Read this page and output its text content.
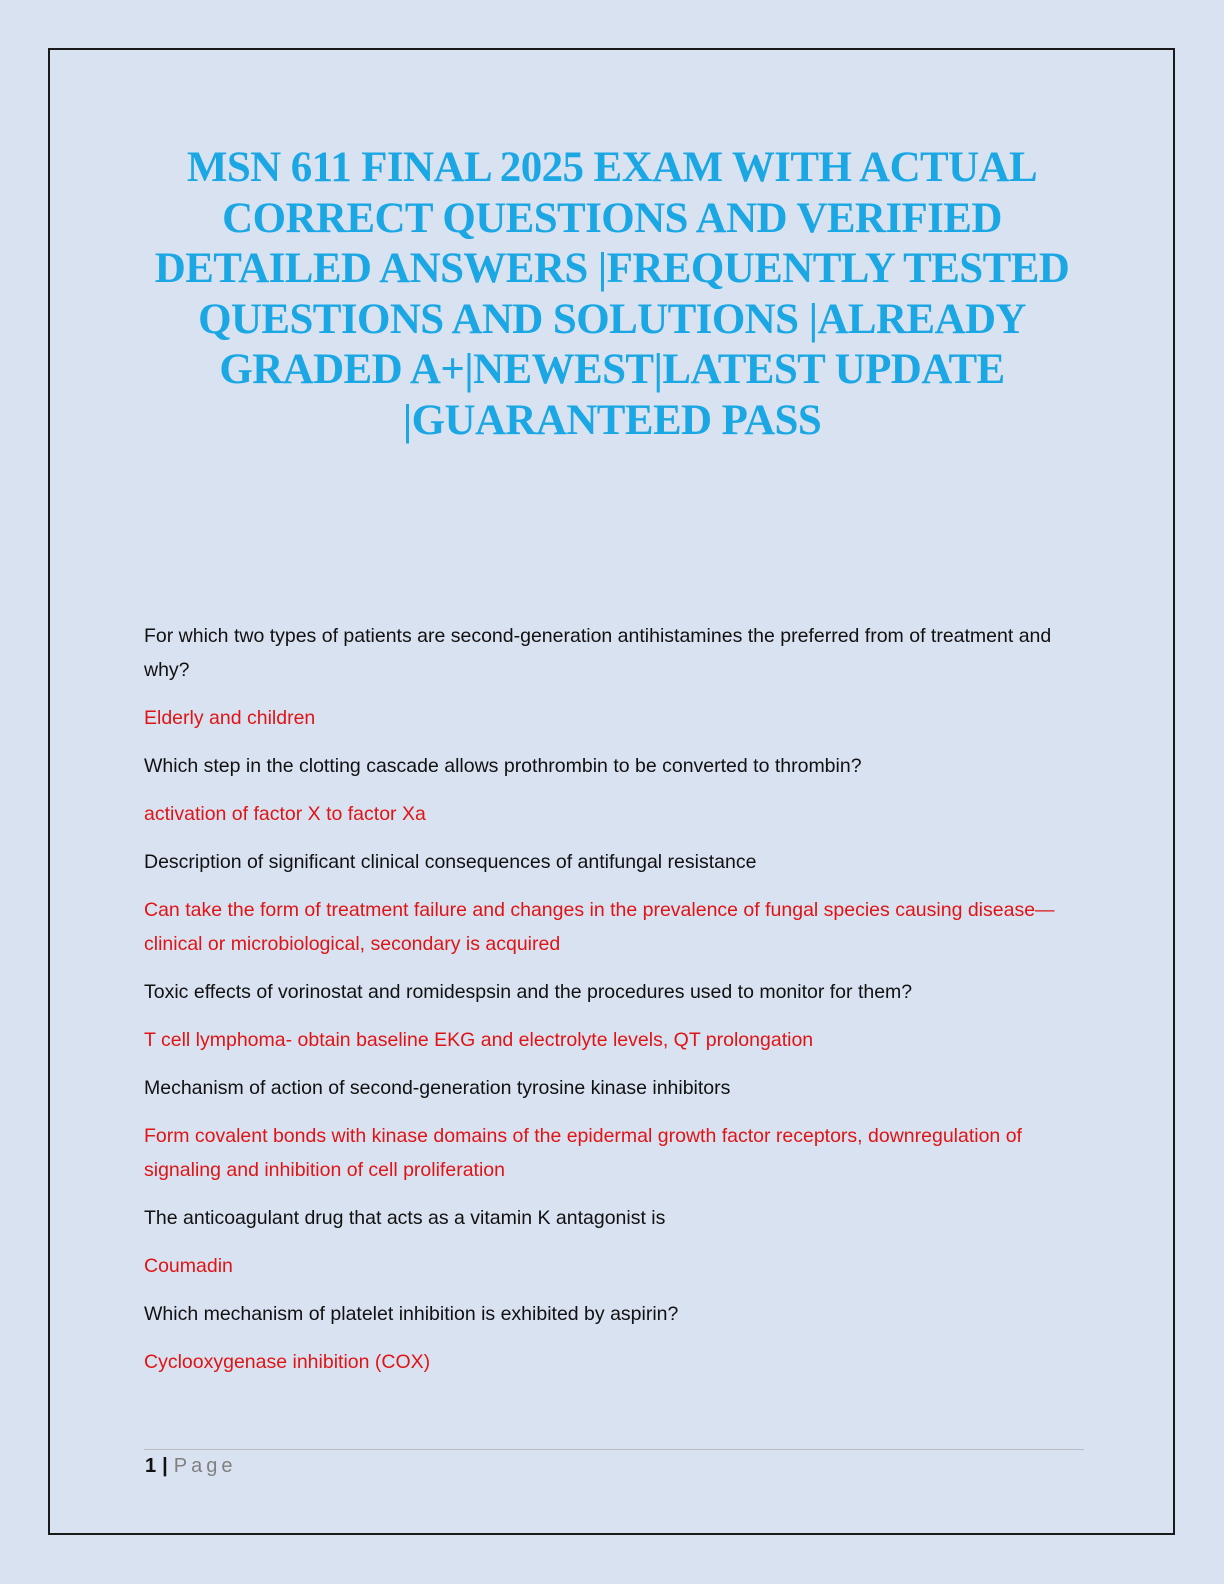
MSN 611 FINAL 2025 EXAM WITH ACTUAL
CORRECT QUESTIONS AND VERIFIED
DETAILED ANSWERS |FREQUENTLY TESTED
QUESTIONS AND SOLUTIONS |ALREADY
GRADED A+|NEWEST|LATEST UPDATE
|GUARANTEED PASS

For which two types of patients are second-generation antihistamines the preferred from of treatment and why?

Elderly and children

Which step in the clotting cascade allows prothrombin to be converted to thrombin?

activation of factor X to factor Xa

Description of significant clinical consequences of antifungal resistance

Can take the form of treatment failure and changes in the prevalence of fungal species causing disease—clinical or microbiological, secondary is acquired

Toxic effects of vorinostat and romidespsin and the procedures used to monitor for them?

T cell lymphoma- obtain baseline EKG and electrolyte levels, QT prolongation

Mechanism of action of second-generation tyrosine kinase inhibitors

Form covalent bonds with kinase domains of the epidermal growth factor receptors, downregulation of signaling and inhibition of cell proliferation

The anticoagulant drug that acts as a vitamin K antagonist is

Coumadin

Which mechanism of platelet inhibition is exhibited by aspirin?

Cyclooxygenase inhibition (COX)

1 | Page
